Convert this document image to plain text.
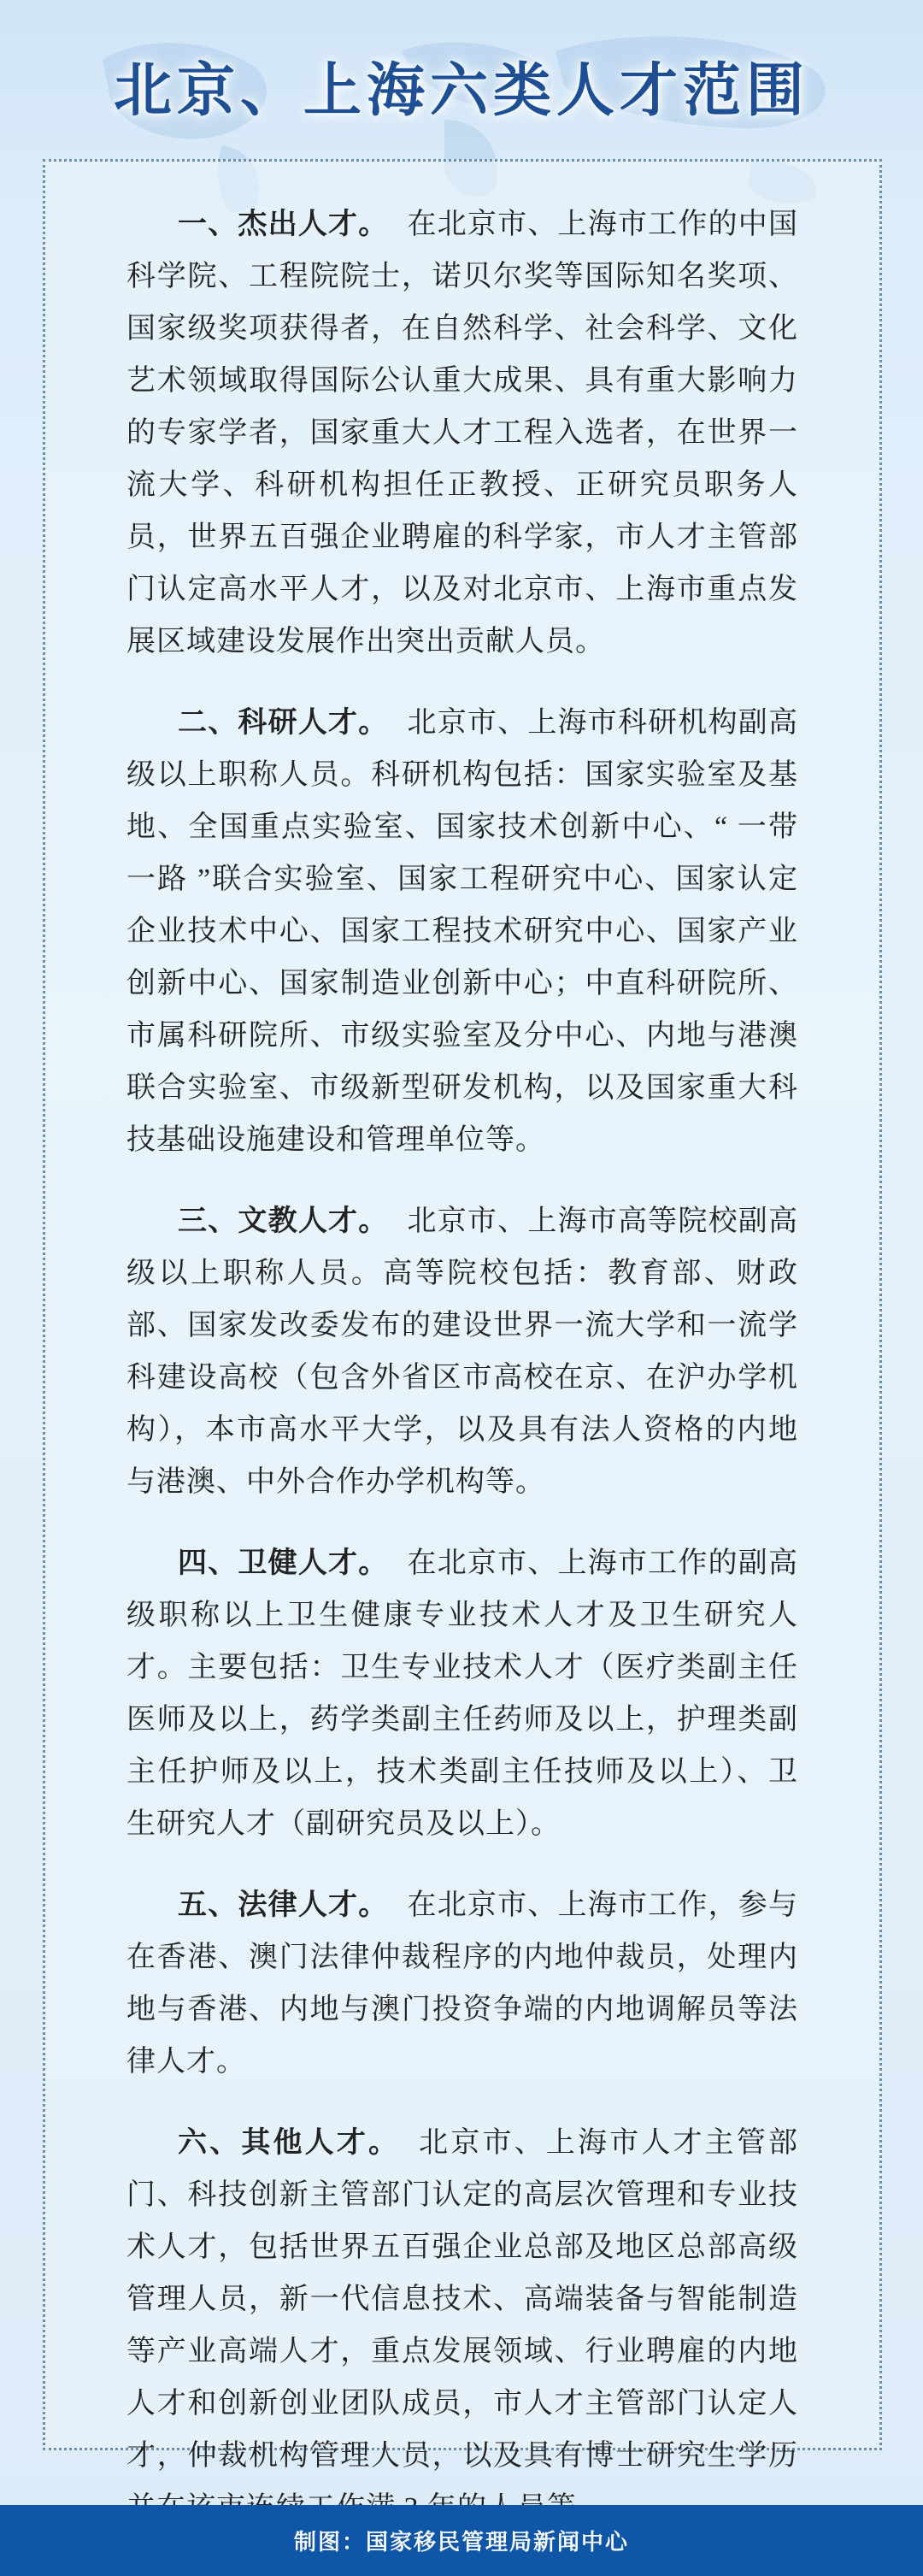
北京、上海六类人才范围

一、杰出人才。 在北京市、上海市工作的中国科学院、工程院院士，诺贝尔奖等国际知名奖项、国家级奖项获得者，在自然科学、社会科学、文化艺术领域取得国际公认重大成果、具有重大影响力的专家学者，国家重大人才工程入选者，在世界一流大学、科研机构担任正教授、正研究员职务人员，世界五百强企业聘雇的科学家，市人才主管部门认定高水平人才，以及对北京市、上海市重点发展区域建设发展作出突出贡献人员。

二、科研人才。 北京市、上海市科研机构副高级以上职称人员。科研机构包括：国家实验室及基地、全国重点实验室、国家技术创新中心、“ 一带一路 ”联合实验室、国家工程研究中心、国家认定企业技术中心、国家工程技术研究中心、国家产业创新中心、国家制造业创新中心；中直科研院所、市属科研院所、市级实验室及分中心、内地与港澳联合实验室、市级新型研发机构，以及国家重大科技基础设施建设和管理单位等。

三、文教人才。 北京市、上海市高等院校副高级以上职称人员。高等院校包括：教育部、财政部、国家发改委发布的建设世界一流大学和一流学科建设高校（包含外省区市高校在京、在沪办学机构），本市高水平大学，以及具有法人资格的内地与港澳、中外合作办学机构等。

四、卫健人才。 在北京市、上海市工作的副高级职称以上卫生健康专业技术人才及卫生研究人才。主要包括：卫生专业技术人才（医疗类副主任医师及以上，药学类副主任药师及以上，护理类副主任护师及以上，技术类副主任技师及以上）、卫生研究人才（副研究员及以上）。

五、法律人才。 在北京市、上海市工作，参与在香港、澳门法律仲裁程序的内地仲裁员，处理内地与香港、内地与澳门投资争端的内地调解员等法律人才。

六、其他人才。 北京市、上海市人才主管部门、科技创新主管部门认定的高层次管理和专业技术人才，包括世界五百强企业总部及地区总部高级管理人员，新一代信息技术、高端装备与智能制造等产业高端人才，重点发展领域、行业聘雇的内地人才和创新创业团队成员，市人才主管部门认定人才，仲裁机构管理人员，以及具有博士研究生学历

制图：国家移民管理局新闻中心
